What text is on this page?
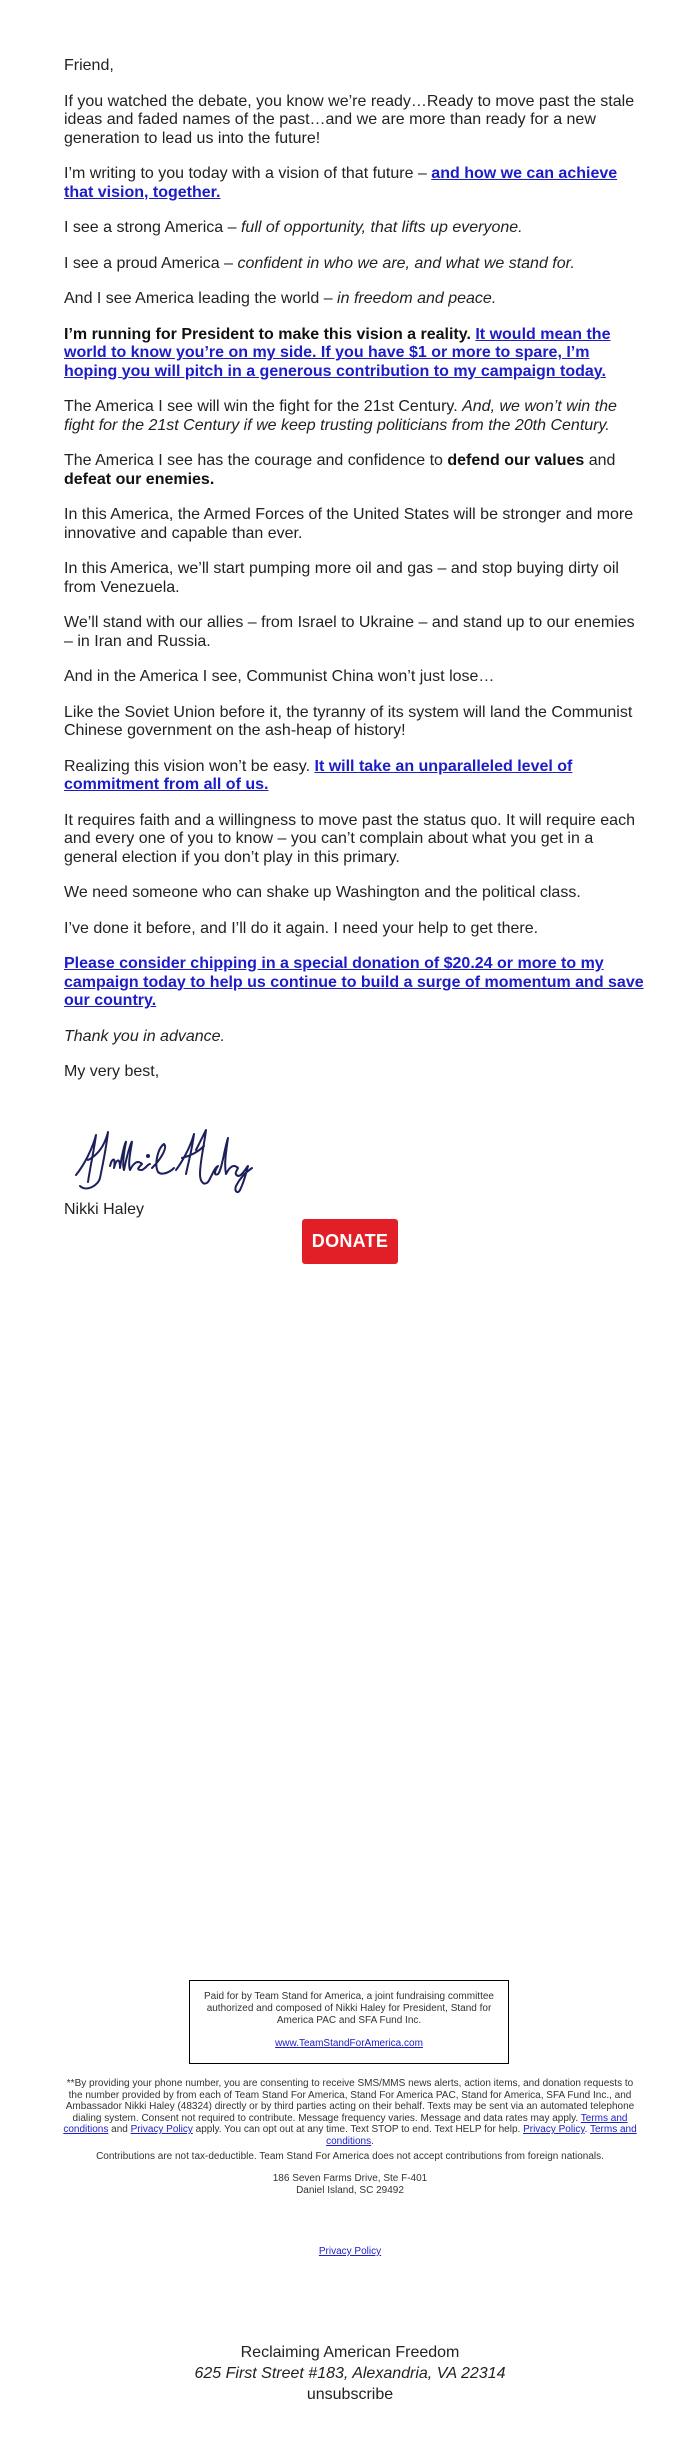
Friend,

If you watched the debate, you know we’re ready…Ready to move past the stale ideas and faded names of the past…and we are more than ready for a new generation to lead us into the future!

I’m writing to you today with a vision of that future – and how we can achieve that vision, together.

I see a strong America – full of opportunity, that lifts up everyone.

I see a proud America – confident in who we are, and what we stand for.

And I see America leading the world – in freedom and peace.

I’m running for President to make this vision a reality. It would mean the world to know you’re on my side. If you have $1 or more to spare, I’m hoping you will pitch in a generous contribution to my campaign today.

The America I see will win the fight for the 21st Century. And, we won’t win the fight for the 21st Century if we keep trusting politicians from the 20th Century.

The America I see has the courage and confidence to defend our values and defeat our enemies.

In this America, the Armed Forces of the United States will be stronger and more innovative and capable than ever.

In this America, we’ll start pumping more oil and gas – and stop buying dirty oil from Venezuela.

We’ll stand with our allies – from Israel to Ukraine – and stand up to our enemies – in Iran and Russia.

And in the America I see, Communist China won’t just lose…

Like the Soviet Union before it, the tyranny of its system will land the Communist Chinese government on the ash-heap of history!

Realizing this vision won’t be easy. It will take an unparalleled level of commitment from all of us.

It requires faith and a willingness to move past the status quo. It will require each and every one of you to know – you can’t complain about what you get in a general election if you don’t play in this primary.

We need someone who can shake up Washington and the political class.

I’ve done it before, and I’ll do it again. I need your help to get there.

Please consider chipping in a special donation of $20.24 or more to my campaign today to help us continue to build a surge of momentum and save our country.

Thank you in advance.

My very best,

Nikki Haley
DONATE

Paid for by Team Stand for America, a joint fundraising committee authorized and composed of Nikki Haley for President, Stand for America PAC and SFA Fund Inc.

www.TeamStandForAmerica.com

**By providing your phone number, you are consenting to receive SMS/MMS news alerts, action items, and donation requests to the number provided by from each of Team Stand For America, Stand For America PAC, Stand for America, SFA Fund Inc., and Ambassador Nikki Haley (48324) directly or by third parties acting on their behalf. Texts may be sent via an automated telephone dialing system. Consent not required to contribute. Message frequency varies. Message and data rates may apply. Terms and conditions and Privacy Policy apply. You can opt out at any time. Text STOP to end. Text HELP for help. Privacy Policy. Terms and conditions.

Contributions are not tax-deductible. Team Stand For America does not accept contributions from foreign nationals.

186 Seven Farms Drive, Ste F-401

Daniel Island, SC 29492

Privacy Policy
Reclaiming American Freedom
625 First Street #183, Alexandria, VA 22314
unsubscribe
